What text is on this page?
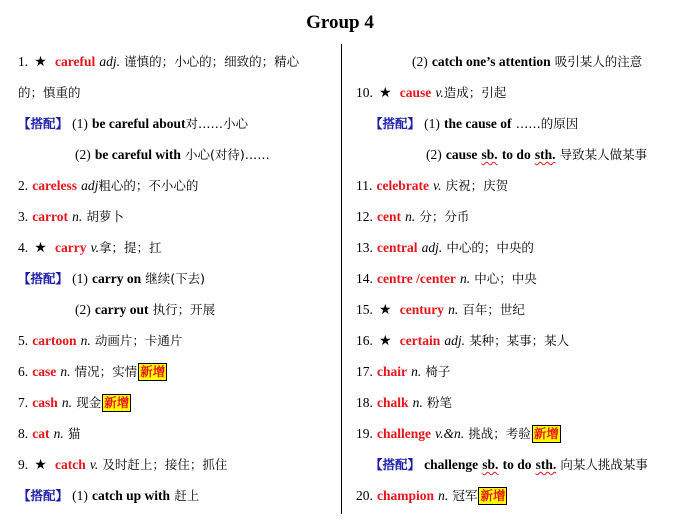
Group 4
1. ★ careful adj. 谨慎的；小心的；细致的；精心
的；慎重的
【搭配】 (1) be careful about对……小心
(2) be careful with 小心(对待)……
2. careless adj粗心的；不小心的
3. carrot n. 胡萝卜
4. ★ carry v.拿；提；扛
【搭配】 (1) carry on 继续(下去)
(2) carry out 执行；开展
5. cartoon n. 动画片；卡通片
6. case n. 情况；实情 新增
7. cash n. 现金 新增
8. cat n. 猫
9. ★ catch v. 及时赶上；接住；抓住
【搭配】 (1) catch up with 赶上
(2) catch one’s attention 吸引某人的注意
10. ★ cause v.造成；引起
【搭配】 (1) the cause of ……的原因
(2) cause sb. to do sth. 导致某人做某事
11. celebrate v. 庆祝；庆贺
12. cent n. 分；分币
13. central adj. 中心的；中央的
14. centre /center n. 中心；中央
15. ★ century n. 百年；世纪
16. ★ certain adj. 某种；某事；某人
17. chair n. 椅子
18. chalk n. 粉笔
19. challenge v.&n. 挑战；考验 新增
【搭配】 challenge sb. to do sth. 向某人挑战某事
20. champion n. 冠军 新增
